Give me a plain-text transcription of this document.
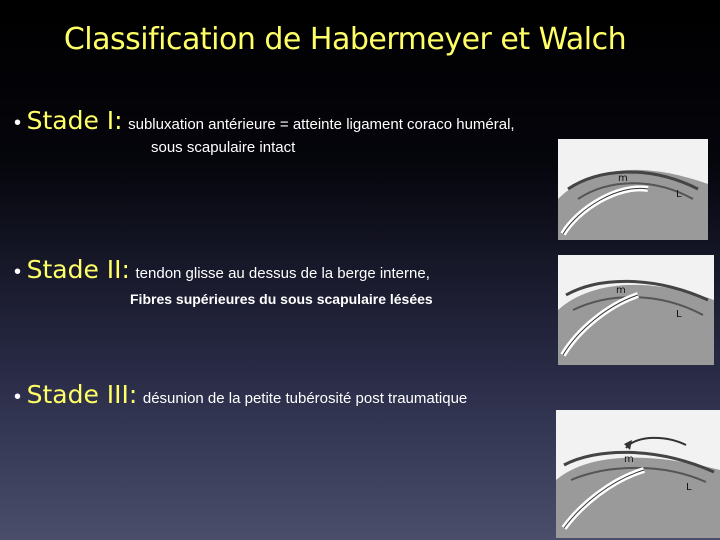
Classification de Habermeyer et Walch
• Stade I: subluxation antérieure = atteinte ligament coraco huméral,
sous scapulaire intact
• Stade II: tendon glisse au dessus de la berge interne,
Fibres supérieures du sous scapulaire lésées
• Stade III: désunion de la petite tubérosité post traumatique
m
L
m
L
m
L
